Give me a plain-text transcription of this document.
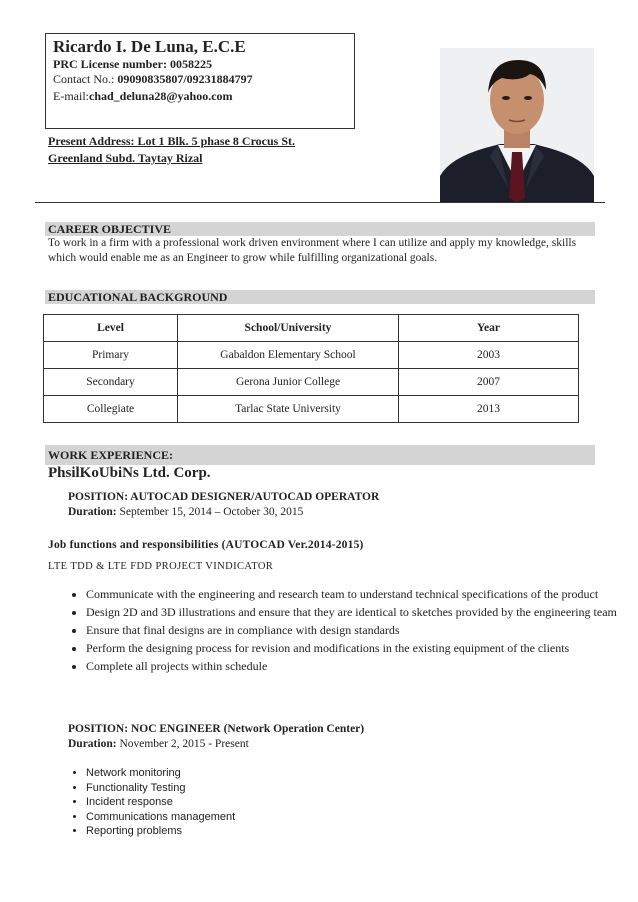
Ricardo I. De Luna, E.C.E
PRC License number: 0058225
Contact No.: 09090835807/09231884797
E-mail:chad_deluna28@yahoo.com
Present Address: Lot 1 Blk. 5 phase 8 Crocus St.
Greenland Subd. Taytay Rizal
CAREER OBJECTIVE
To work in a firm with a professional work driven environment where I can utilize and apply my knowledge, skills which would enable me as an Engineer to grow while fulfilling organizational goals.
EDUCATIONAL BACKGROUND
Level	School/University	Year
Primary	Gabaldon Elementary School	2003
Secondary	Gerona Junior College	2007
Collegiate	Tarlac State University	2013
WORK EXPERIENCE:
PhsilKoUbiNs Ltd. Corp.
POSITION: AUTOCAD DESIGNER/AUTOCAD OPERATOR
Duration: September 15, 2014 – October 30, 2015
Job functions and responsibilities (AUTOCAD Ver.2014-2015)
LTE TDD & LTE FDD PROJECT VINDICATOR
• Communicate with the engineering and research team to understand technical specifications of the product
• Design 2D and 3D illustrations and ensure that they are identical to sketches provided by the engineering team
• Ensure that final designs are in compliance with design standards
• Perform the designing process for revision and modifications in the existing equipment of the clients
• Complete all projects within schedule
POSITION: NOC ENGINEER (Network Operation Center)
Duration: November 2, 2015 - Present
• Network monitoring
• Functionality Testing
• Incident response
• Communications management
• Reporting problems
